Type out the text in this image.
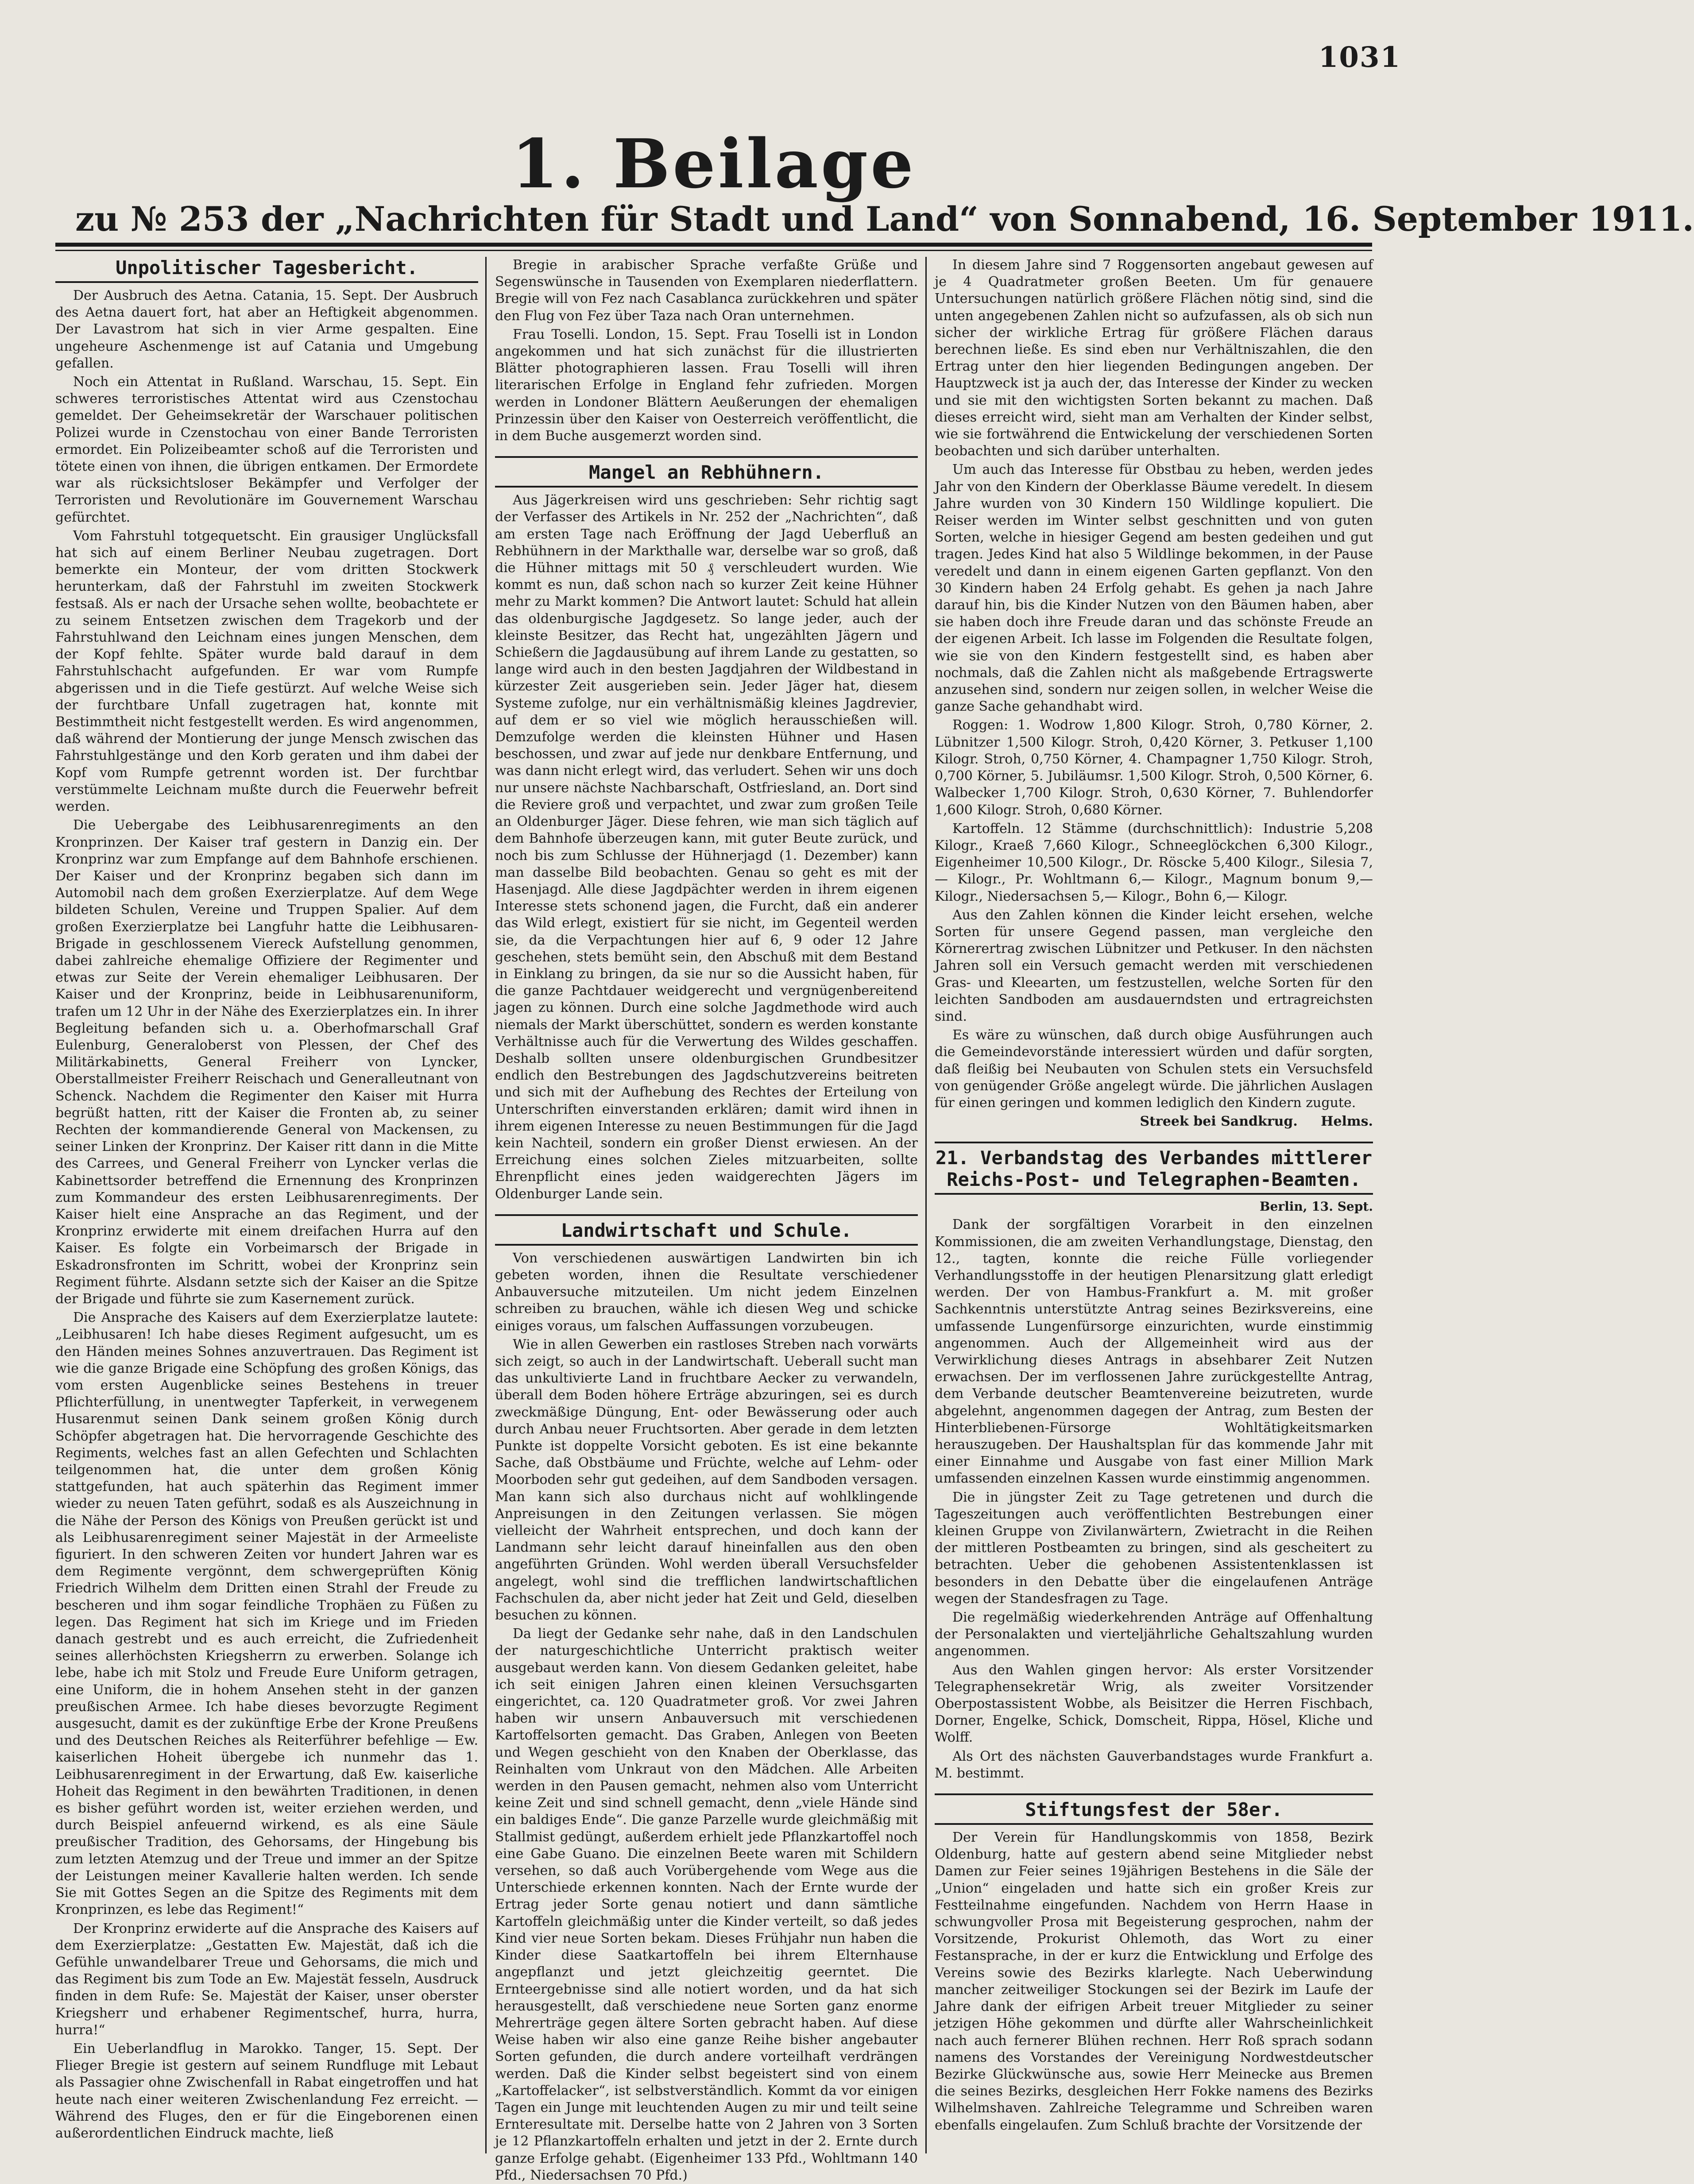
1031
1. Beilage
zu № 253 der „Nachrichten für Stadt und Land“ von Sonnabend, 16. September 1911.
Unpolitischer Tagesbericht.

Der Ausbruch des Aetna. Catania, 15. Sept. Der Ausbruch des Aetna dauert fort, hat aber an Heftigkeit abgenommen. Der Lavastrom hat sich in vier Arme gespalten. Eine ungeheure Aschenmenge ist auf Catania und Umgebung gefallen.

Noch ein Attentat in Rußland. Warschau, 15. Sept. Ein schweres terroristisches Attentat wird aus Czenstochau gemeldet. Der Geheimsekretär der Warschauer politischen Polizei wurde in Czenstochau von einer Bande Terroristen ermordet. Ein Polizeibeamter schoß auf die Terroristen und tötete einen von ihnen, die übrigen entkamen. Der Ermordete war als rücksichtsloser Bekämpfer und Verfolger der Terroristen und Revolutionäre im Gouvernement Warschau gefürchtet.

Vom Fahrstuhl totgequetscht. Ein grausiger Unglücksfall hat sich auf einem Berliner Neubau zugetragen. Dort bemerkte ein Monteur, der vom dritten Stockwerk herunterkam, daß der Fahrstuhl im zweiten Stockwerk festsaß. Als er nach der Ursache sehen wollte, beobachtete er zu seinem Entsetzen zwischen dem Tragekorb und der Fahrstuhlwand den Leichnam eines jungen Menschen, dem der Kopf fehlte. Später wurde bald darauf in dem Fahrstuhlschacht aufgefunden. Er war vom Rumpfe abgerissen und in die Tiefe gestürzt. Auf welche Weise sich der furchtbare Unfall zugetragen hat, konnte mit Bestimmtheit nicht festgestellt werden. Es wird angenommen, daß während der Montierung der junge Mensch zwischen das Fahrstuhlgestänge und den Korb geraten und ihm dabei der Kopf vom Rumpfe getrennt worden ist. Der furchtbar verstümmelte Leichnam mußte durch die Feuerwehr befreit werden.

Die Uebergabe des Leibhusarenregiments an den Kronprinzen. Der Kaiser traf gestern in Danzig ein. Der Kronprinz war zum Empfange auf dem Bahnhofe erschienen. Der Kaiser und der Kronprinz begaben sich dann im Automobil nach dem großen Exerzierplatze. Auf dem Wege bildeten Schulen, Vereine und Truppen Spalier. Auf dem großen Exerzierplatze bei Langfuhr hatte die Leibhusaren-Brigade in geschlossenem Viereck Aufstellung genommen, dabei zahlreiche ehemalige Offiziere der Regimenter und etwas zur Seite der Verein ehemaliger Leibhusaren. Der Kaiser und der Kronprinz, beide in Leibhusarenuniform, trafen um 12 Uhr in der Nähe des Exerzierplatzes ein. In ihrer Begleitung befanden sich u. a. Oberhofmarschall Graf Eulenburg, Generaloberst von Plessen, der Chef des Militärkabinetts, General Freiherr von Lyncker, Oberstallmeister Freiherr Reischach und Generalleutnant von Schenck. Nachdem die Regimenter den Kaiser mit Hurra begrüßt hatten, ritt der Kaiser die Fronten ab, zu seiner Rechten der kommandierende General von Mackensen, zu seiner Linken der Kronprinz. Der Kaiser ritt dann in die Mitte des Carrees, und General Freiherr von Lyncker verlas die Kabinettsorder betreffend die Ernennung des Kronprinzen zum Kommandeur des ersten Leibhusarenregiments. Der Kaiser hielt eine Ansprache an das Regiment, und der Kronprinz erwiderte mit einem dreifachen Hurra auf den Kaiser. Es folgte ein Vorbeimarsch der Brigade in Eskadronsfronten im Schritt, wobei der Kronprinz sein Regiment führte. Alsdann setzte sich der Kaiser an die Spitze der Brigade und führte sie zum Kasernement zurück.

Die Ansprache des Kaisers auf dem Exerzierplatze lautete: „Leibhusaren! Ich habe dieses Regiment aufgesucht, um es den Händen meines Sohnes anzuvertrauen. Das Regiment ist wie die ganze Brigade eine Schöpfung des großen Königs, das vom ersten Augenblicke seines Bestehens in treuer Pflichterfüllung, in unentwegter Tapferkeit, in verwegenem Husarenmut seinen Dank seinem großen König durch Schöpfer abgetragen hat. Die hervorragende Geschichte des Regiments, welches fast an allen Gefechten und Schlachten teilgenommen hat, die unter dem großen König stattgefunden, hat auch späterhin das Regiment immer wieder zu neuen Taten geführt, sodaß es als Auszeichnung in die Nähe der Person des Königs von Preußen gerückt ist und als Leibhusarenregiment seiner Majestät in der Armeeliste figuriert. In den schweren Zeiten vor hundert Jahren war es dem Regimente vergönnt, dem schwergeprüften König Friedrich Wilhelm dem Dritten einen Strahl der Freude zu bescheren und ihm sogar feindliche Trophäen zu Füßen zu legen. Das Regiment hat sich im Kriege und im Frieden danach gestrebt und es auch erreicht, die Zufriedenheit seines allerhöchsten Kriegsherrn zu erwerben. Solange ich lebe, habe ich mit Stolz und Freude Eure Uniform getragen, eine Uniform, die in hohem Ansehen steht in der ganzen preußischen Armee. Ich habe dieses bevorzugte Regiment ausgesucht, damit es der zukünftige Erbe der Krone Preußens und des Deutschen Reiches als Reiterführer befehlige — Ew. kaiserlichen Hoheit übergebe ich nunmehr das 1. Leibhusarenregiment in der Erwartung, daß Ew. kaiserliche Hoheit das Regiment in den bewährten Traditionen, in denen es bisher geführt worden ist, weiter erziehen werden, und durch Beispiel anfeuernd wirkend, es als eine Säule preußischer Tradition, des Gehorsams, der Hingebung bis zum letzten Atemzug und der Treue und immer an der Spitze der Leistungen meiner Kavallerie halten werden. Ich sende Sie mit Gottes Segen an die Spitze des Regiments mit dem Kronprinzen, es lebe das Regiment!“

Der Kronprinz erwiderte auf die Ansprache des Kaisers auf dem Exerzierplatze: „Gestatten Ew. Majestät, daß ich die Gefühle unwandelbarer Treue und Gehorsams, die mich und das Regiment bis zum Tode an Ew. Majestät fesseln, Ausdruck finden in dem Rufe: Se. Majestät der Kaiser, unser oberster Kriegsherr und erhabener Regimentschef, hurra, hurra, hurra!“

Ein Ueberlandflug in Marokko. Tanger, 15. Sept. Der Flieger Bregie ist gestern auf seinem Rundfluge mit Lebaut als Passagier ohne Zwischenfall in Rabat eingetroffen und hat heute nach einer weiteren Zwischenlandung Fez erreicht. — Während des Fluges, den er für die Eingeborenen einen außerordentlichen Eindruck machte, ließ

Bregie in arabischer Sprache verfaßte Grüße und Segenswünsche in Tausenden von Exemplaren niederflattern. Bregie will von Fez nach Casablanca zurückkehren und später den Flug von Fez über Taza nach Oran unternehmen.

Frau Toselli. London, 15. Sept. Frau Toselli ist in London angekommen und hat sich zunächst für die illustrierten Blätter photographieren lassen. Frau Toselli will ihren literarischen Erfolge in England fehr zufrieden. Morgen werden in Londoner Blättern Aeußerungen der ehemaligen Prinzessin über den Kaiser von Oesterreich veröffentlicht, die in dem Buche ausgemerzt worden sind.

Mangel an Rebhühnern.

Aus Jägerkreisen wird uns geschrieben: Sehr richtig sagt der Verfasser des Artikels in Nr. 252 der „Nachrichten“, daß am ersten Tage nach Eröffnung der Jagd Ueberfluß an Rebhühnern in der Markthalle war, derselbe war so groß, daß die Hühner mittags mit 50 ₰ verschleudert wurden. Wie kommt es nun, daß schon nach so kurzer Zeit keine Hühner mehr zu Markt kommen? Die Antwort lautet: Schuld hat allein das oldenburgische Jagdgesetz. So lange jeder, auch der kleinste Besitzer, das Recht hat, ungezählten Jägern und Schießern die Jagdausübung auf ihrem Lande zu gestatten, so lange wird auch in den besten Jagdjahren der Wildbestand in kürzester Zeit ausgerieben sein. Jeder Jäger hat, diesem Systeme zufolge, nur ein verhältnismäßig kleines Jagdrevier, auf dem er so viel wie möglich herausschießen will. Demzufolge werden die kleinsten Hühner und Hasen beschossen, und zwar auf jede nur denkbare Entfernung, und was dann nicht erlegt wird, das verludert. Sehen wir uns doch nur unsere nächste Nachbarschaft, Ostfriesland, an. Dort sind die Reviere groß und verpachtet, und zwar zum großen Teile an Oldenburger Jäger. Diese fehren, wie man sich täglich auf dem Bahnhofe überzeugen kann, mit guter Beute zurück, und noch bis zum Schlusse der Hühnerjagd (1. Dezember) kann man dasselbe Bild beobachten. Genau so geht es mit der Hasenjagd. Alle diese Jagdpächter werden in ihrem eigenen Interesse stets schonend jagen, die Furcht, daß ein anderer das Wild erlegt, existiert für sie nicht, im Gegenteil werden sie, da die Verpachtungen hier auf 6, 9 oder 12 Jahre geschehen, stets bemüht sein, den Abschuß mit dem Bestand in Einklang zu bringen, da sie nur so die Aussicht haben, für die ganze Pachtdauer weidgerecht und vergnügenbereitend jagen zu können. Durch eine solche Jagdmethode wird auch niemals der Markt überschüttet, sondern es werden konstante Verhältnisse auch für die Verwertung des Wildes geschaffen. Deshalb sollten unsere oldenburgischen Grundbesitzer endlich den Bestrebungen des Jagdschutzvereins beitreten und sich mit der Aufhebung des Rechtes der Erteilung von Unterschriften einverstanden erklären; damit wird ihnen in ihrem eigenen Interesse zu neuen Bestimmungen für die Jagd kein Nachteil, sondern ein großer Dienst erwiesen. An der Erreichung eines solchen Zieles mitzuarbeiten, sollte Ehrenpflicht eines jeden waidgerechten Jägers im Oldenburger Lande sein.

Landwirtschaft und Schule.

Von verschiedenen auswärtigen Landwirten bin ich gebeten worden, ihnen die Resultate verschiedener Anbauversuche mitzuteilen. Um nicht jedem Einzelnen schreiben zu brauchen, wähle ich diesen Weg und schicke einiges voraus, um falschen Auffassungen vorzubeugen.

Wie in allen Gewerben ein rastloses Streben nach vorwärts sich zeigt, so auch in der Landwirtschaft. Ueberall sucht man das unkultivierte Land in fruchtbare Aecker zu verwandeln, überall dem Boden höhere Erträge abzuringen, sei es durch zweckmäßige Düngung, Ent- oder Bewässerung oder auch durch Anbau neuer Fruchtsorten. Aber gerade in dem letzten Punkte ist doppelte Vorsicht geboten. Es ist eine bekannte Sache, daß Obstbäume und Früchte, welche auf Lehm- oder Moorboden sehr gut gedeihen, auf dem Sandboden versagen. Man kann sich also durchaus nicht auf wohlklingende Anpreisungen in den Zeitungen verlassen. Sie mögen vielleicht der Wahrheit entsprechen, und doch kann der Landmann sehr leicht darauf hineinfallen aus den oben angeführten Gründen. Wohl werden überall Versuchsfelder angelegt, wohl sind die trefflichen landwirtschaftlichen Fachschulen da, aber nicht jeder hat Zeit und Geld, dieselben besuchen zu können.

Da liegt der Gedanke sehr nahe, daß in den Landschulen der naturgeschichtliche Unterricht praktisch weiter ausgebaut werden kann. Von diesem Gedanken geleitet, habe ich seit einigen Jahren einen kleinen Versuchsgarten eingerichtet, ca. 120 Quadratmeter groß. Vor zwei Jahren haben wir unsern Anbauversuch mit verschiedenen Kartoffelsorten gemacht. Das Graben, Anlegen von Beeten und Wegen geschieht von den Knaben der Oberklasse, das Reinhalten vom Unkraut von den Mädchen. Alle Arbeiten werden in den Pausen gemacht, nehmen also vom Unterricht keine Zeit und sind schnell gemacht, denn „viele Hände sind ein baldiges Ende“. Die ganze Parzelle wurde gleichmäßig mit Stallmist gedüngt, außerdem erhielt jede Pflanzkartoffel noch eine Gabe Guano. Die einzelnen Beete waren mit Schildern versehen, so daß auch Vorübergehende vom Wege aus die Unterschiede erkennen konnten. Nach der Ernte wurde der Ertrag jeder Sorte genau notiert und dann sämtliche Kartoffeln gleichmäßig unter die Kinder verteilt, so daß jedes Kind vier neue Sorten bekam. Dieses Frühjahr nun haben die Kinder diese Saatkartoffeln bei ihrem Elternhause angepflanzt und jetzt gleichzeitig geerntet. Die Ernteergebnisse sind alle notiert worden, und da hat sich herausgestellt, daß verschiedene neue Sorten ganz enorme Mehrerträge gegen ältere Sorten gebracht haben. Auf diese Weise haben wir also eine ganze Reihe bisher angebauter Sorten gefunden, die durch andere vorteilhaft verdrängen werden. Daß die Kinder selbst begeistert sind von einem „Kartoffelacker“, ist selbstverständlich. Kommt da vor einigen Tagen ein Junge mit leuchtenden Augen zu mir und teilt seine Ernteresultate mit. Derselbe hatte von 2 Jahren von 3 Sorten je 12 Pflanzkartoffeln erhalten und jetzt in der 2. Ernte durch ganze Erfolge gehabt. (Eigenheimer 133 Pfd., Wohltmann 140 Pfd., Niedersachsen 70 Pfd.)

In diesem Jahre sind 7 Roggensorten angebaut gewesen auf je 4 Quadratmeter großen Beeten. Um für genauere Untersuchungen natürlich größere Flächen nötig sind, sind die unten angegebenen Zahlen nicht so aufzufassen, als ob sich nun sicher der wirkliche Ertrag für größere Flächen daraus berechnen ließe. Es sind eben nur Verhältniszahlen, die den Ertrag unter den hier liegenden Bedingungen angeben. Der Hauptzweck ist ja auch der, das Interesse der Kinder zu wecken und sie mit den wichtigsten Sorten bekannt zu machen. Daß dieses erreicht wird, sieht man am Verhalten der Kinder selbst, wie sie fortwährend die Entwickelung der verschiedenen Sorten beobachten und sich darüber unterhalten.

Um auch das Interesse für Obstbau zu heben, werden jedes Jahr von den Kindern der Oberklasse Bäume veredelt. In diesem Jahre wurden von 30 Kindern 150 Wildlinge kopuliert. Die Reiser werden im Winter selbst geschnitten und von guten Sorten, welche in hiesiger Gegend am besten gedeihen und gut tragen. Jedes Kind hat also 5 Wildlinge bekommen, in der Pause veredelt und dann in einem eigenen Garten gepflanzt. Von den 30 Kindern haben 24 Erfolg gehabt. Es gehen ja nach Jahre darauf hin, bis die Kinder Nutzen von den Bäumen haben, aber sie haben doch ihre Freude daran und das schönste Freude an der eigenen Arbeit. Ich lasse im Folgenden die Resultate folgen, wie sie von den Kindern festgestellt sind, es haben aber nochmals, daß die Zahlen nicht als maßgebende Ertragswerte anzusehen sind, sondern nur zeigen sollen, in welcher Weise die ganze Sache gehandhabt wird.

Roggen: 1. Wodrow 1,800 Kilogr. Stroh, 0,780 Körner, 2. Lübnitzer 1,500 Kilogr. Stroh, 0,420 Körner, 3. Petkuser 1,100 Kilogr. Stroh, 0,750 Körner, 4. Champagner 1,750 Kilogr. Stroh, 0,700 Körner, 5. Jubiläumsr. 1,500 Kilogr. Stroh, 0,500 Körner, 6. Walbecker 1,700 Kilogr. Stroh, 0,630 Körner, 7. Buhlendorfer 1,600 Kilogr. Stroh, 0,680 Körner.

Kartoffeln. 12 Stämme (durchschnittlich): Industrie 5,208 Kilogr., Kraeß 7,660 Kilogr., Schneeglöckchen 6,300 Kilogr., Eigenheimer 10,500 Kilogr., Dr. Röscke 5,400 Kilogr., Silesia 7,— Kilogr., Pr. Wohltmann 6,— Kilogr., Magnum bonum 9,— Kilogr., Niedersachsen 5,— Kilogr., Bohn 6,— Kilogr.

Aus den Zahlen können die Kinder leicht ersehen, welche Sorten für unsere Gegend passen, man vergleiche den Körnerertrag zwischen Lübnitzer und Petkuser. In den nächsten Jahren soll ein Versuch gemacht werden mit verschiedenen Gras- und Kleearten, um festzustellen, welche Sorten für den leichten Sandboden am ausdauerndsten und ertragreichsten sind.

Es wäre zu wünschen, daß durch obige Ausführungen auch die Gemeindevorstände interessiert würden und dafür sorgten, daß fleißig bei Neubauten von Schulen stets ein Versuchsfeld von genügender Größe angelegt würde. Die jährlichen Auslagen für einen geringen und kommen lediglich den Kindern zugute.

Streek bei Sandkrug. Helms.

21. Verbandstag des Verbandes mittlerer Reichs-Post- und Telegraphen-Beamten.
Berlin, 13. Sept.

Dank der sorgfältigen Vorarbeit in den einzelnen Kommissionen, die am zweiten Verhandlungstage, Dienstag, den 12., tagten, konnte die reiche Fülle vorliegender Verhandlungsstoffe in der heutigen Plenarsitzung glatt erledigt werden. Der von Hambus-Frankfurt a. M. mit großer Sachkenntnis unterstützte Antrag seines Bezirksvereins, eine umfassende Lungenfürsorge einzurichten, wurde einstimmig angenommen. Auch der Allgemeinheit wird aus der Verwirklichung dieses Antrags in absehbarer Zeit Nutzen erwachsen. Der im verflossenen Jahre zurückgestellte Antrag, dem Verbande deutscher Beamtenvereine beizutreten, wurde abgelehnt, angenommen dagegen der Antrag, zum Besten der Hinterbliebenen-Fürsorge Wohltätigkeitsmarken herauszugeben. Der Haushaltsplan für das kommende Jahr mit einer Einnahme und Ausgabe von fast einer Million Mark umfassenden einzelnen Kassen wurde einstimmig angenommen.

Die in jüngster Zeit zu Tage getretenen und durch die Tageszeitungen auch veröffentlichten Bestrebungen einer kleinen Gruppe von Zivilanwärtern, Zwietracht in die Reihen der mittleren Postbeamten zu bringen, sind als gescheitert zu betrachten. Ueber die gehobenen Assistentenklassen ist besonders in den Debatte über die eingelaufenen Anträge wegen der Standesfragen zu Tage.

Die regelmäßig wiederkehrenden Anträge auf Offenhaltung der Personalakten und vierteljährliche Gehaltszahlung wurden angenommen.

Aus den Wahlen gingen hervor: Als erster Vorsitzender Telegraphensekretär Wrig, als zweiter Vorsitzender Oberpostassistent Wobbe, als Beisitzer die Herren Fischbach, Dorner, Engelke, Schick, Domscheit, Rippa, Hösel, Kliche und Wolff.

Als Ort des nächsten Gauverbandstages wurde Frankfurt a. M. bestimmt.

Stiftungsfest der 58er.

Der Verein für Handlungskommis von 1858, Bezirk Oldenburg, hatte auf gestern abend seine Mitglieder nebst Damen zur Feier seines 19jährigen Bestehens in die Säle der „Union“ eingeladen und hatte sich ein großer Kreis zur Festteilnahme eingefunden. Nachdem von Herrn Haase in schwungvoller Prosa mit Begeisterung gesprochen, nahm der Vorsitzende, Prokurist Ohlemoth, das Wort zu einer Festansprache, in der er kurz die Entwicklung und Erfolge des Vereins sowie des Bezirks klarlegte. Nach Ueberwindung mancher zeitweiliger Stockungen sei der Bezirk im Laufe der Jahre dank der eifrigen Arbeit treuer Mitglieder zu seiner jetzigen Höhe gekommen und dürfte aller Wahrscheinlichkeit nach auch fernerer Blühen rechnen. Herr Roß sprach sodann namens des Vorstandes der Vereinigung Nordwestdeutscher Bezirke Glückwünsche aus, sowie Herr Meinecke aus Bremen die seines Bezirks, desgleichen Herr Fokke namens des Bezirks Wilhelmshaven. Zahlreiche Telegramme und Schreiben waren ebenfalls eingelaufen. Zum Schluß brachte der Vorsitzende der
